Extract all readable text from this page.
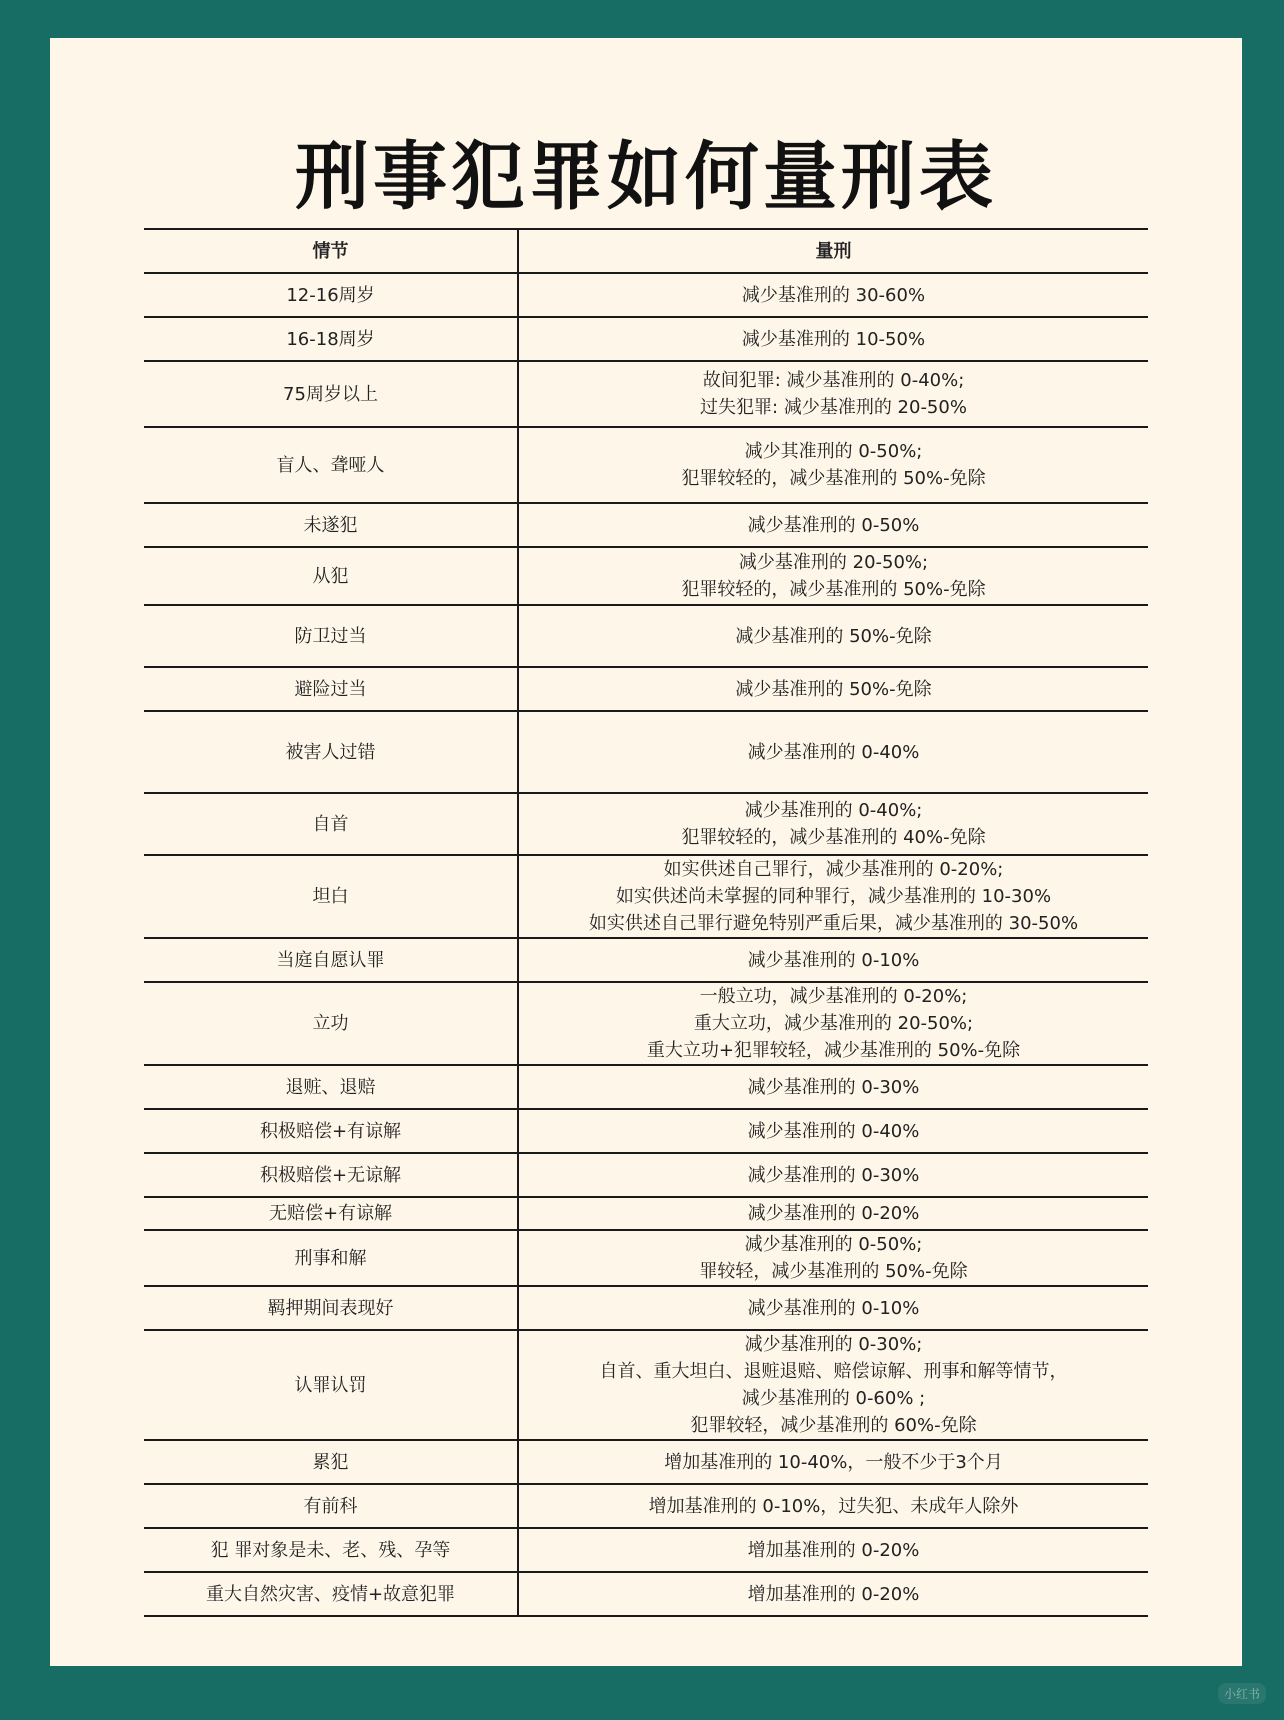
刑事犯罪如何量刑表
情节	量刑
12-16周岁	减少基准刑的 30-60%

16-18周岁	减少基准刑的 10-50%

75周岁以上	故间犯罪: 减少基准刑的 0-40%;
过失犯罪: 减少基准刑的 20-50%

盲人、聋哑人	减少其准刑的 0-50%;
犯罪较轻的，减少基准刑的 50%-免除

未遂犯	减少基准刑的 0-50%

从犯	减少基准刑的 20-50%;
犯罪较轻的，减少基准刑的 50%-免除

防卫过当	减少基准刑的 50%-免除

避险过当	减少基准刑的 50%-免除

被害人过错	减少基准刑的 0-40%

自首	减少基准刑的 0-40%;
犯罪较轻的，减少基准刑的 40%-免除

坦白	如实供述自己罪行，减少基准刑的 0-20%;
如实供述尚未掌握的同种罪行，减少基准刑的 10-30%
如实供述自己罪行避免特别严重后果，减少基准刑的 30-50%

当庭自愿认罪	减少基准刑的 0-10%

立功	一般立功，减少基准刑的 0-20%;
重大立功，减少基准刑的 20-50%;
重大立功+犯罪较轻，减少基准刑的 50%-免除

退赃、退赔	减少基准刑的 0-30%

积极赔偿+有谅解	减少基准刑的 0-40%

积极赔偿+无谅解	减少基准刑的 0-30%

无赔偿+有谅解	减少基准刑的 0-20%

刑事和解	减少基准刑的 0-50%;
罪较轻，减少基准刑的 50%-免除

羁押期间表现好	减少基准刑的 0-10%

认罪认罚	减少基准刑的 0-30%;
自首、重大坦白、退赃退赔、赔偿谅解、刑事和解等情节，
减少基准刑的 0-60% ;
犯罪较轻，减少基准刑的 60%-免除

累犯	增加基准刑的 10-40%，一般不少于3个月

有前科	增加基准刑的 0-10%，过失犯、未成年人除外

犯 罪对象是未、老、残、孕等	增加基准刑的 0-20%

重大自然灾害、疫情+故意犯罪	增加基准刑的 0-20%
小红书
